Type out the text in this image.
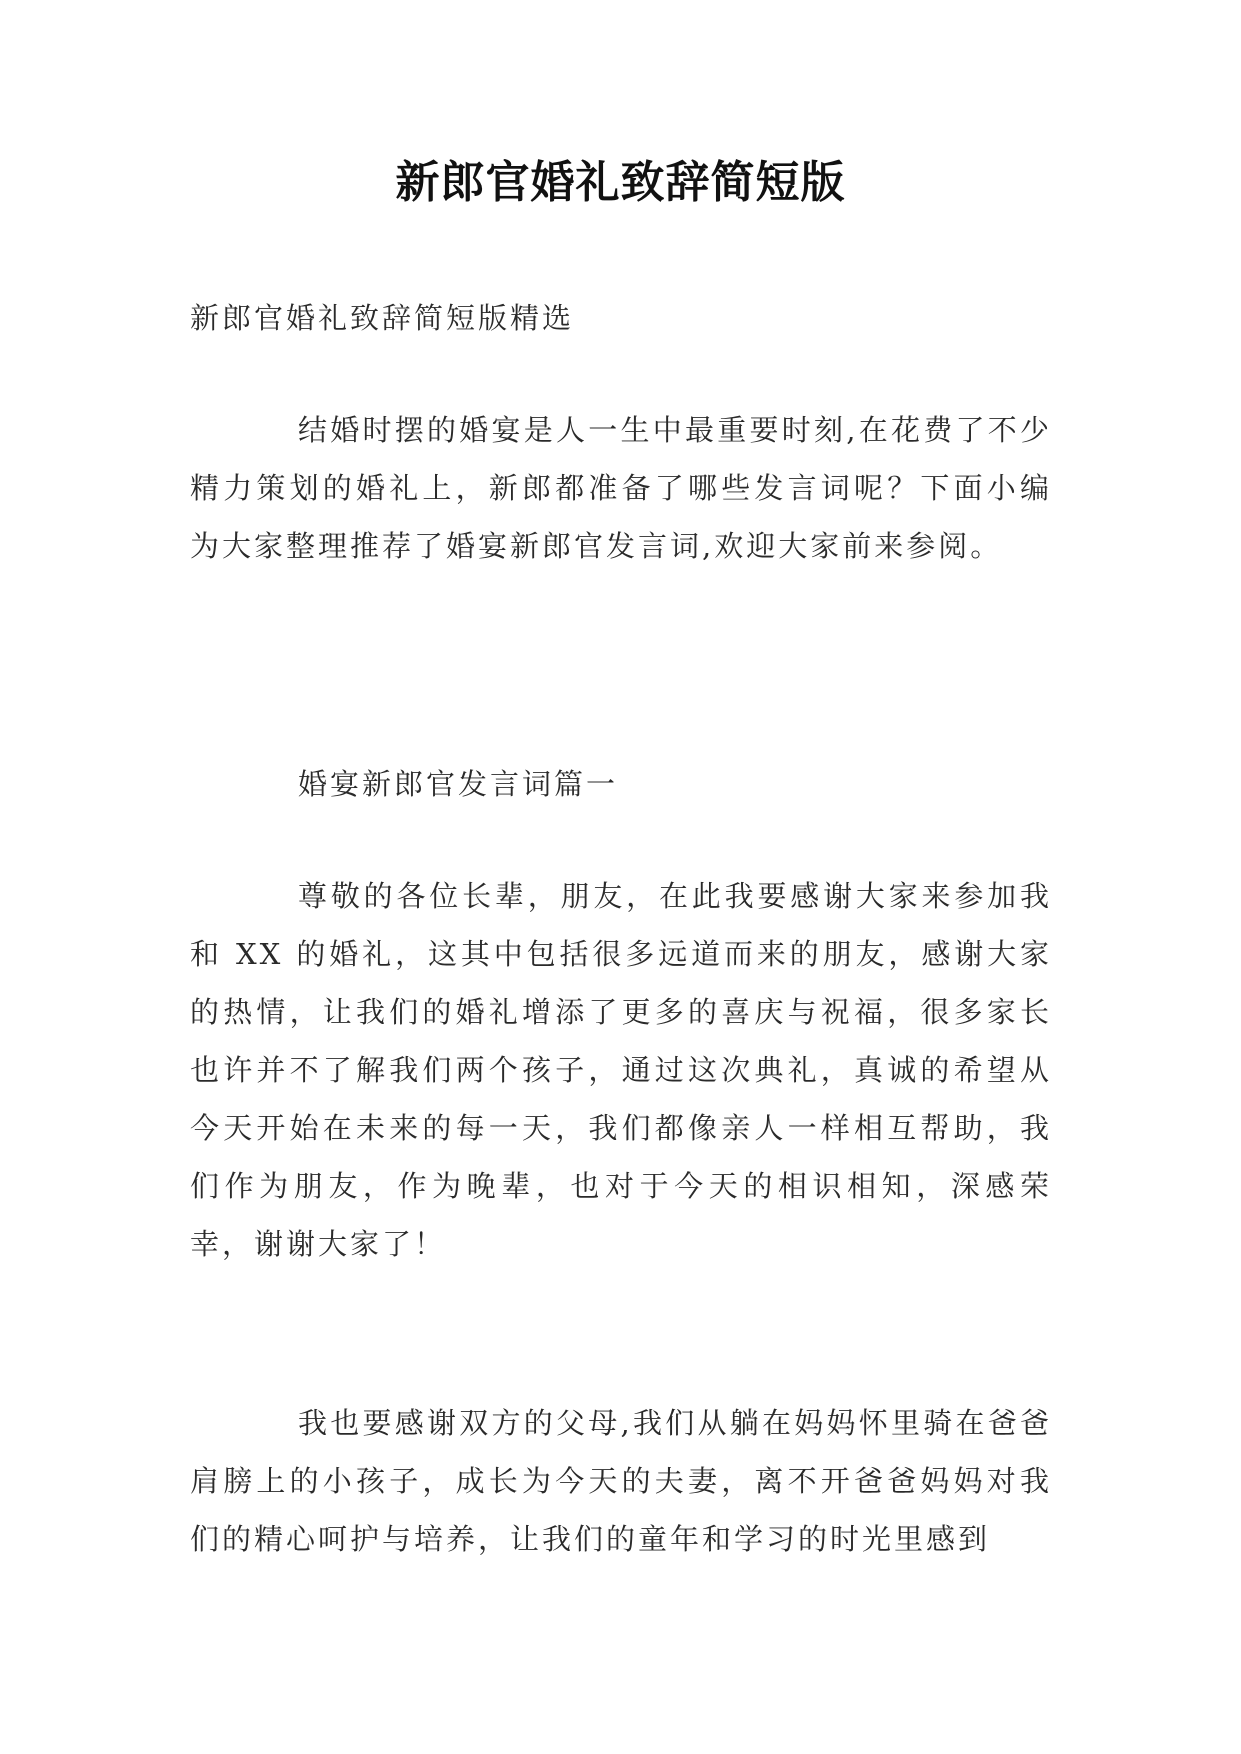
新郎官婚礼致辞简短版

新郎官婚礼致辞简短版精选

结婚时摆的婚宴是人一生中最重要时刻,在花费了不少精力策划的婚礼上，新郎都准备了哪些发言词呢？下面小编为大家整理推荐了婚宴新郎官发言词,欢迎大家前来参阅。

婚宴新郎官发言词篇一

尊敬的各位长辈，朋友，在此我要感谢大家来参加我和 XX 的婚礼，这其中包括很多远道而来的朋友，感谢大家的热情，让我们的婚礼增添了更多的喜庆与祝福，很多家长也许并不了解我们两个孩子，通过这次典礼，真诚的希望从今天开始在未来的每一天，我们都像亲人一样相互帮助，我们作为朋友，作为晚辈，也对于今天的相识相知，深感荣幸，谢谢大家了！

我也要感谢双方的父母,我们从躺在妈妈怀里骑在爸爸肩膀上的小孩子，成长为今天的夫妻，离不开爸爸妈妈对我们的精心呵护与培养，让我们的童年和学习的时光里感到
